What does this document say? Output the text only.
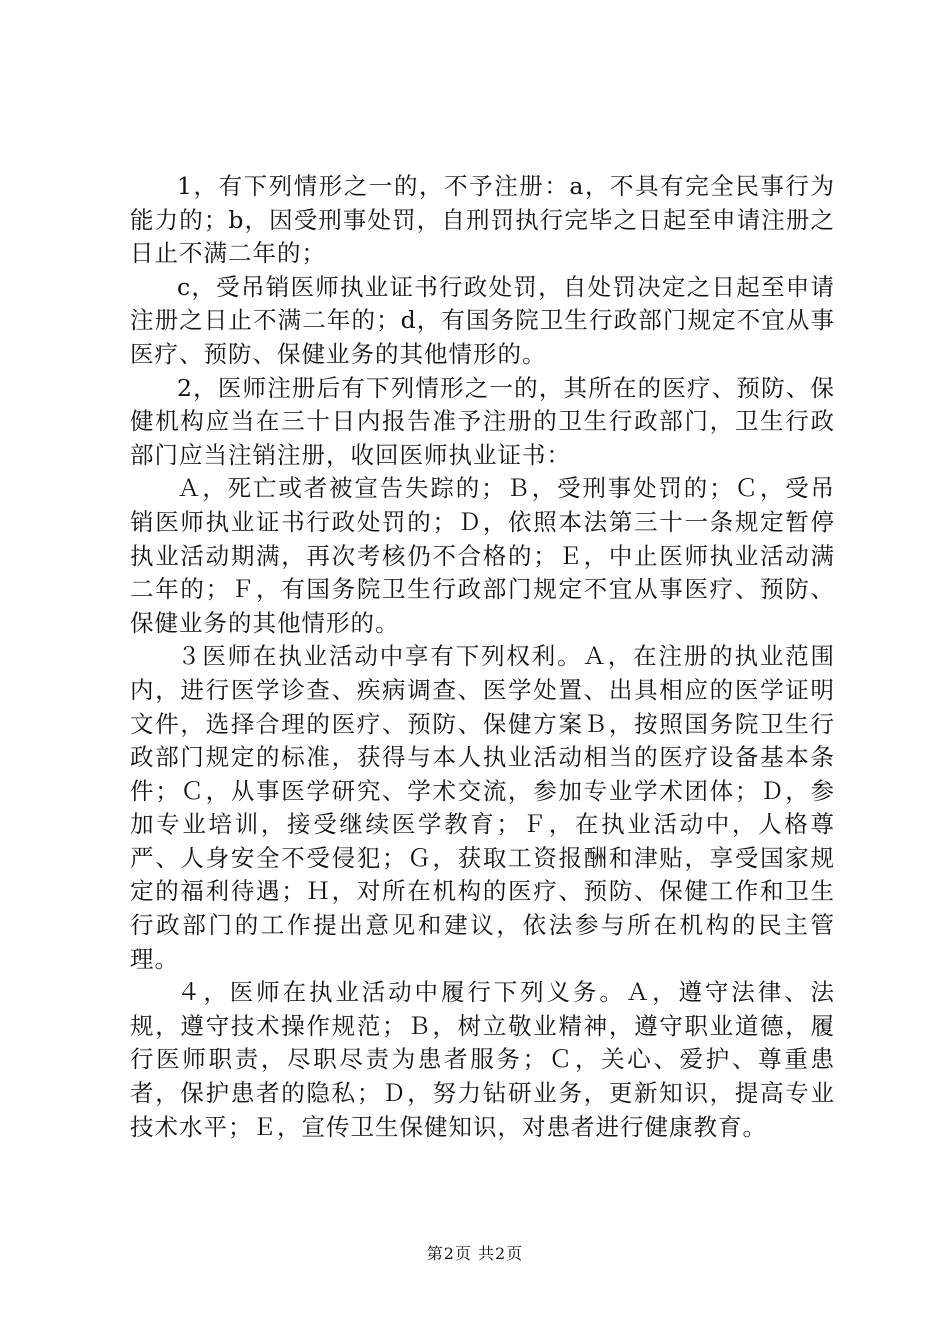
1，有下列情形之一的，不予注册：a，不具有完全民事行为能力的；b，因受刑事处罚，自刑罚执行完毕之日起至申请注册之日止不满二年的；

c，受吊销医师执业证书行政处罚，自处罚决定之日起至申请注册之日止不满二年的；d，有国务院卫生行政部门规定不宜从事医疗、预防、保健业务的其他情形的。

2，医师注册后有下列情形之一的，其所在的医疗、预防、保健机构应当在三十日内报告准予注册的卫生行政部门，卫生行政部门应当注销注册，收回医师执业证书：

Ａ，死亡或者被宣告失踪的；Ｂ，受刑事处罚的；Ｃ，受吊销医师执业证书行政处罚的；Ｄ，依照本法第三十一条规定暂停执业活动期满，再次考核仍不合格的；Ｅ，中止医师执业活动满二年的；Ｆ，有国务院卫生行政部门规定不宜从事医疗、预防、保健业务的其他情形的。

３医师在执业活动中享有下列权利。Ａ，在注册的执业范围内，进行医学诊查、疾病调查、医学处置、出具相应的医学证明文件，选择合理的医疗、预防、保健方案Ｂ，按照国务院卫生行政部门规定的标准，获得与本人执业活动相当的医疗设备基本条件；Ｃ，从事医学研究、学术交流，参加专业学术团体；Ｄ，参加专业培训，接受继续医学教育；Ｆ，在执业活动中，人格尊严、人身安全不受侵犯；Ｇ，获取工资报酬和津贴，享受国家规定的福利待遇；Ｈ，对所在机构的医疗、预防、保健工作和卫生行政部门的工作提出意见和建议，依法参与所在机构的民主管理。

４，医师在执业活动中履行下列义务。Ａ，遵守法律、法规，遵守技术操作规范；Ｂ，树立敬业精神，遵守职业道德，履行医师职责，尽职尽责为患者服务；Ｃ，关心、爱护、尊重患者，保护患者的隐私；Ｄ，努力钻研业务，更新知识，提高专业技术水平；Ｅ，宣传卫生保健知识，对患者进行健康教育。

第2页 共2页
